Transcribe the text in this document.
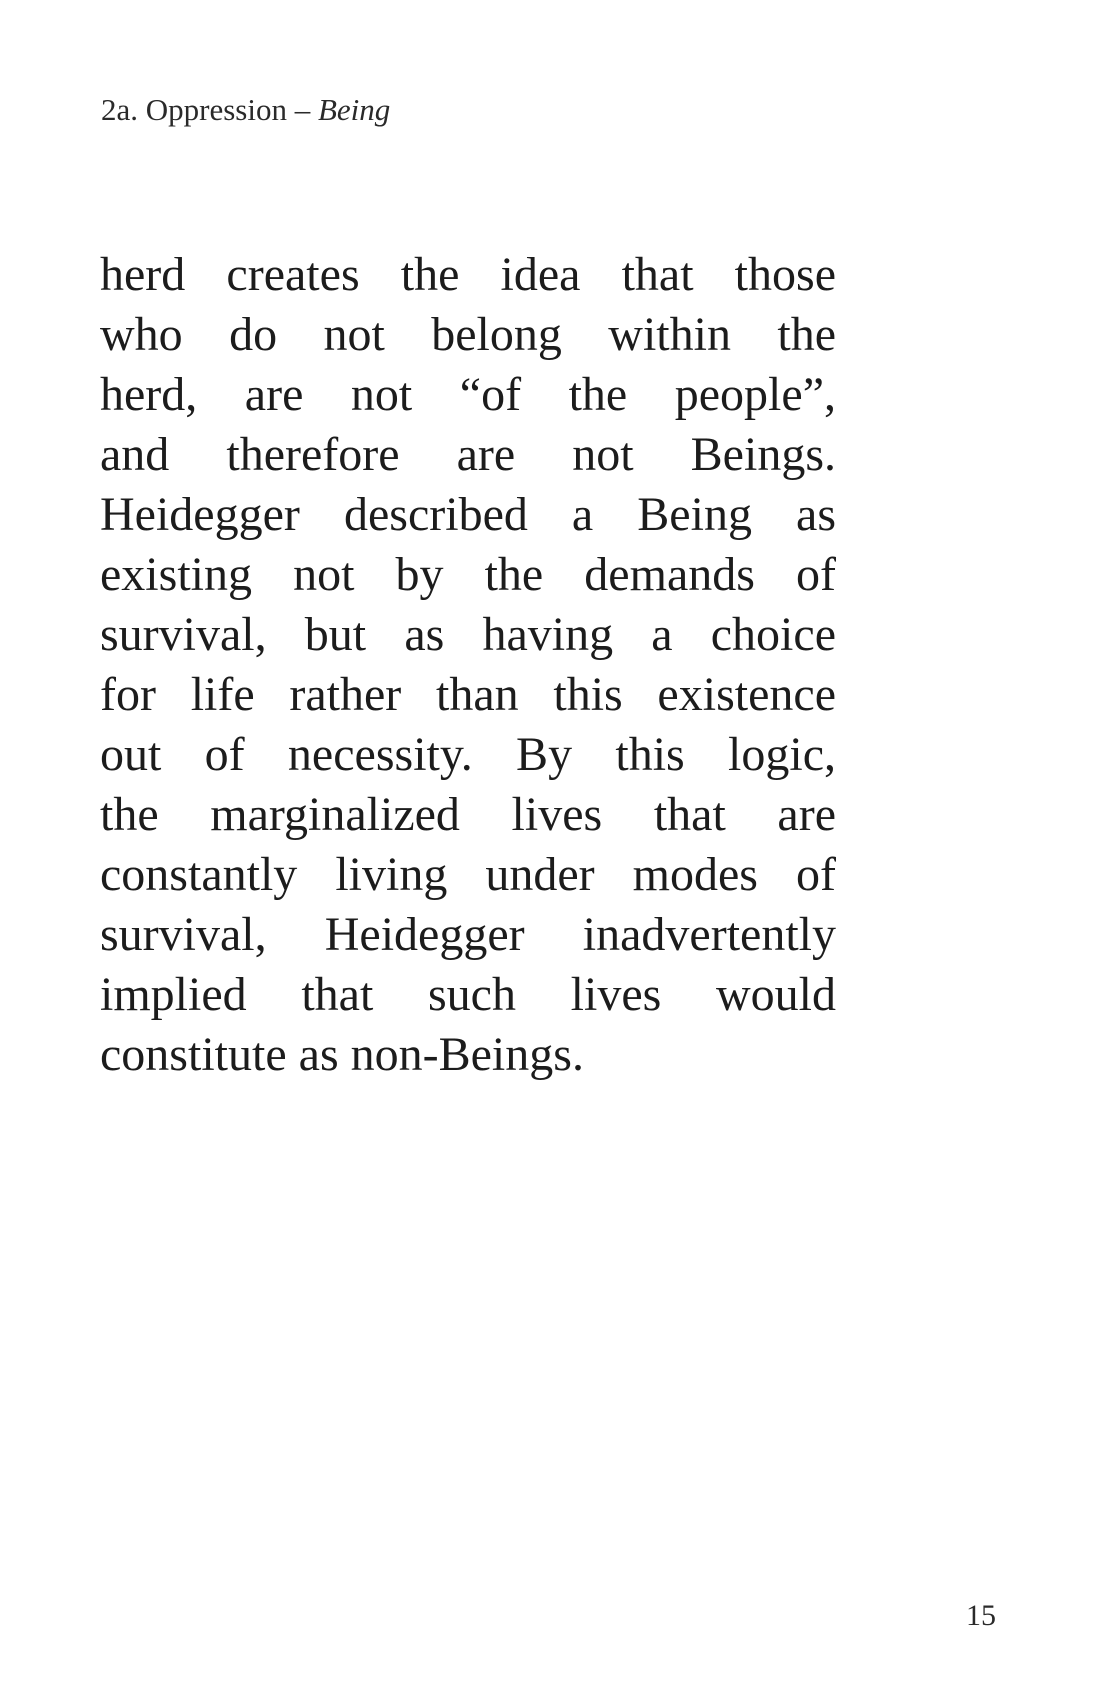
2a. Oppression – Being
herd creates the idea that those
who do not belong within the
herd, are not “of the people”,
and therefore are not Beings.
Heidegger described a Being as
existing not by the demands of
survival, but as having a choice
for life rather than this existence
out of necessity. By this logic,
the marginalized lives that are
constantly living under modes of
survival, Heidegger inadvertently
implied that such lives would
constitute as non-Beings.
15
